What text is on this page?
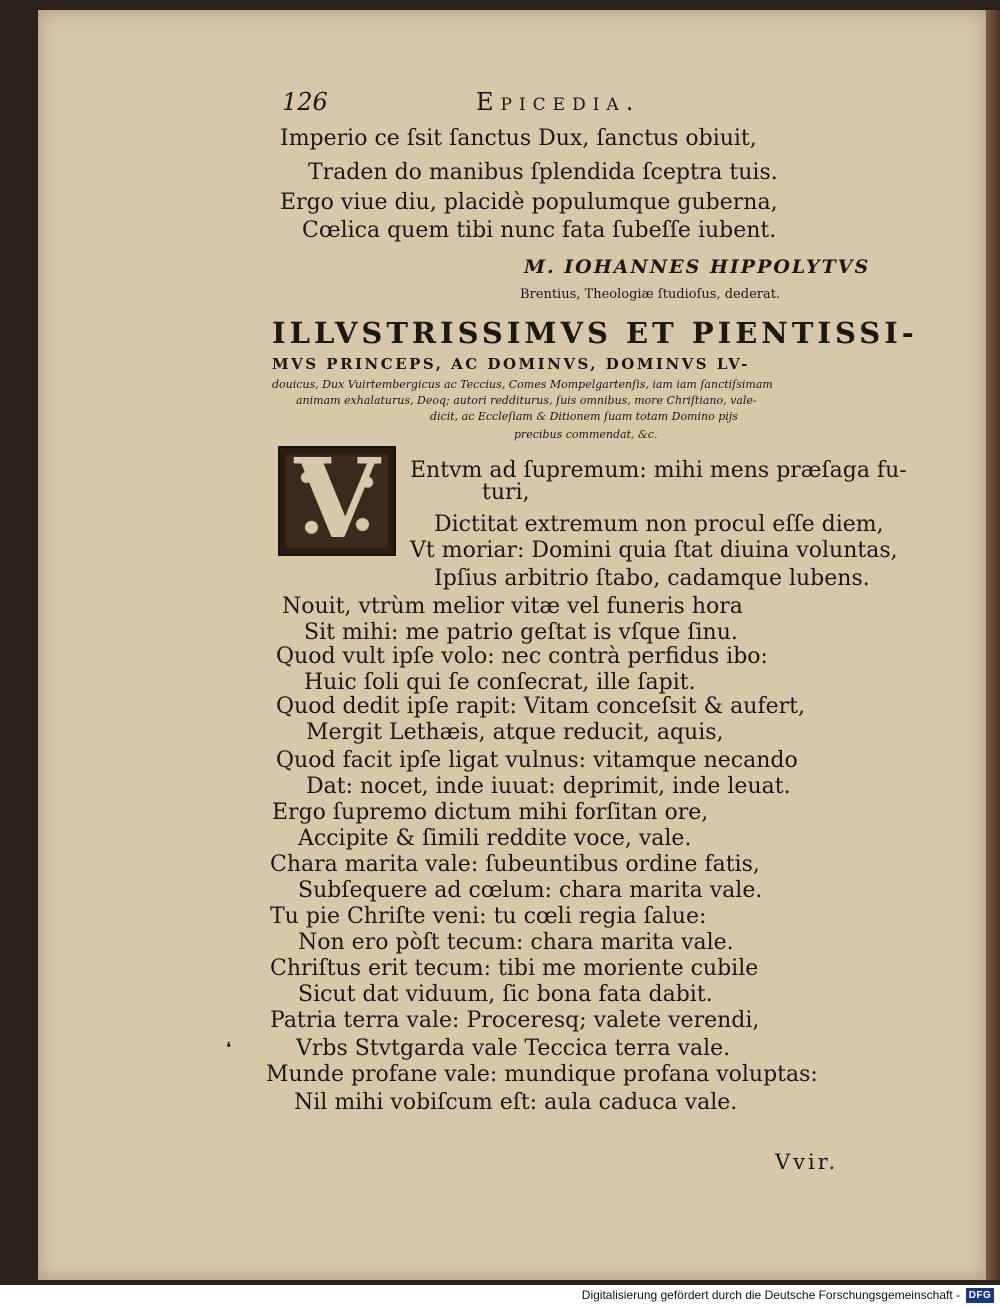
126	Epicedia.
Imperio ce ſsit ſanctus Dux, ſanctus obiuit,
Traden do manibus ſplendida ſceptra tuis.
Ergo viue diu, placidè populumque guberna,
Cœlica quem tibi nunc fata ſubeſſe iubent.
M. IOHANNES HIPPOLYTVS
Brentius, Theologiæ ſtudioſus, dederat.
ILLVSTRISSIMVS ET PIENTISSI-
MVS PRINCEPS, AC DOMINVS, DOMINVS LV-
douicus, Dux Vuirtembergicus ac Teccius, Comes Mompelgartenſis, iam iam ſanctiſsimam
animam exhalaturus, Deoq; autori redditurus, ſuis omnibus, more Chriſtiano, vale-
dicit, ac Eccleſiam & Ditionem ſuam totam Domino pijs
precibus commendat, &c.
V	Entvm ad ſupremum: mihi mens præſaga fu-
turi,
Dictitat extremum non procul eſſe diem,
Vt moriar: Domini quia ſtat diuina voluntas,
Ipſius arbitrio ſtabo, cadamque lubens.
Nouit, vtrùm melior vitæ vel funeris hora
Sit mihi: me patrio geſtat is vſque ſinu.
Quod vult ipſe volo: nec contrà perfidus ibo:
Huic ſoli qui ſe conſecrat, ille ſapit.
Quod dedit ipſe rapit: Vitam conceſsit & aufert,
Mergit Lethæis, atque reducit, aquis,
Quod facit ipſe ligat vulnus: vitamque necando
Dat: nocet, inde iuuat: deprimit, inde leuat.
Ergo ſupremo dictum mihi forſitan ore,
Accipite & ſimili reddite voce, vale.
Chara marita vale: ſubeuntibus ordine fatis,
Subſequere ad cœlum: chara marita vale.
Tu pie Chriſte veni: tu cœli regia ſalue:
Non ero pòſt tecum: chara marita vale.
Chriſtus erit tecum: tibi me moriente cubile
Sicut dat viduum, ſic bona fata dabit.
Patria terra vale: Proceresq; valete verendi,
Vrbs Stvtgarda vale Teccica terra vale.
Munde profane vale: mundique profana voluptas:
Nil mihi vobiſcum eſt: aula caduca vale.
❛
Vvir.
Digitalisierung gefördert durch die Deutsche Forschungsgemeinschaft - DFG
